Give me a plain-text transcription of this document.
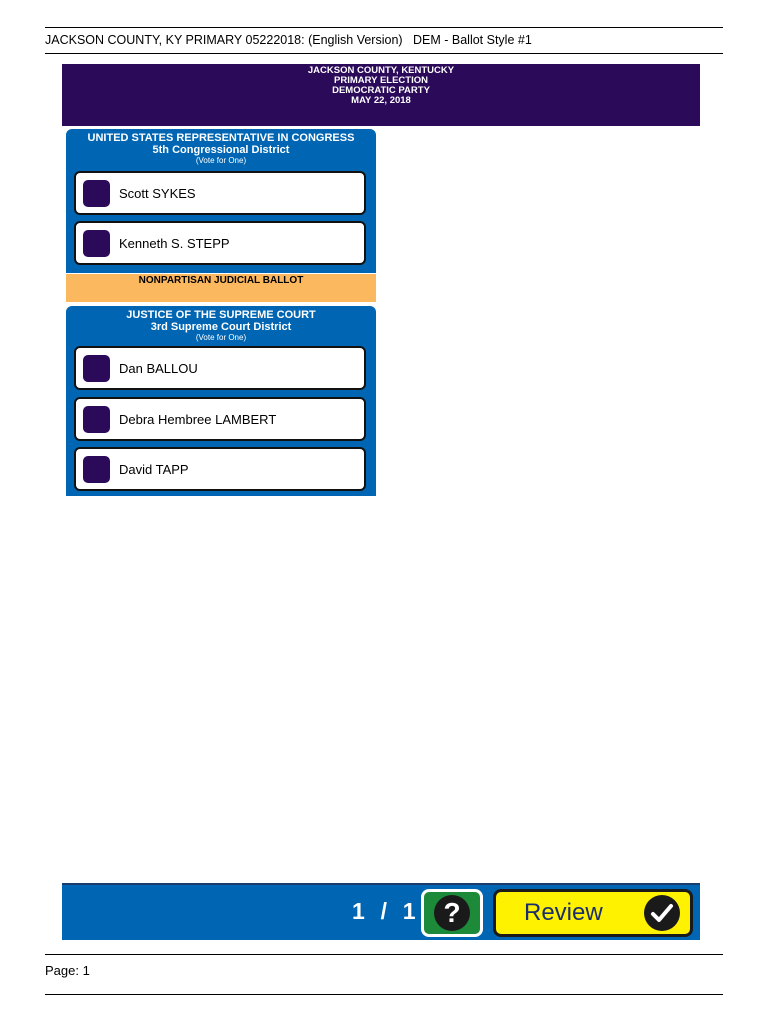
JACKSON COUNTY, KY PRIMARY 05222018: (English Version)   DEM - Ballot Style #1
JACKSON COUNTY, KENTUCKY
PRIMARY ELECTION
DEMOCRATIC PARTY
MAY 22, 2018
UNITED STATES REPRESENTATIVE IN CONGRESS
5th Congressional District
(Vote for One)
Scott SYKES
Kenneth S. STEPP
NONPARTISAN JUDICIAL BALLOT
JUSTICE OF THE SUPREME COURT
3rd Supreme Court District
(Vote for One)
Dan BALLOU
Debra Hembree LAMBERT
David TAPP
1  /  1 ?	Review
Page: 1
